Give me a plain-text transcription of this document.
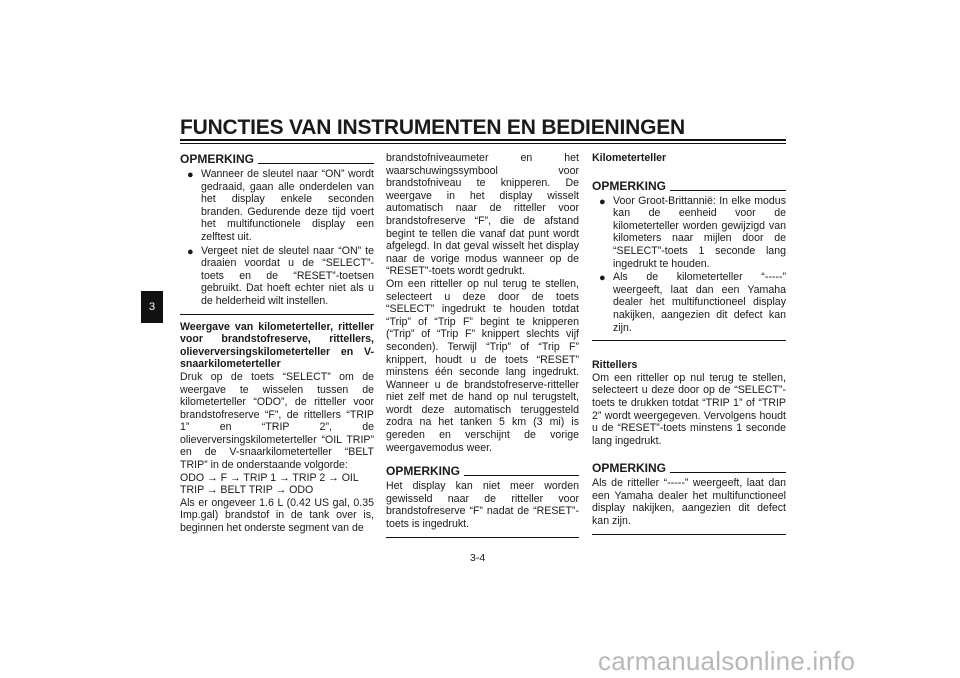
FUNCTIES VAN INSTRUMENTEN EN BEDIENINGEN
3
OPMERKING
● Wanneer de sleutel naar “ON” wordt gedraaid, gaan alle onderdelen van het display enkele seconden branden. Gedurende deze tijd voert het multifunctionele display een zelftest uit.
● Vergeet niet de sleutel naar “ON” te draaien voordat u de “SELECT”-toets en de “RESET”-toetsen gebruikt. Dat hoeft echter niet als u de helderheid wilt instellen.

Weergave van kilometerteller, ritteller voor brandstofreserve, rittellers, olieverversingskilometerteller en V-snaarkilometerteller

Druk op de toets “SELECT” om de weergave te wisselen tussen de kilometerteller “ODO”, de ritteller voor brandstofreserve “F”, de rittellers “TRIP 1” en “TRIP 2”, de olieverversingskilometerteller “OIL TRIP” en de V-snaarkilometerteller “BELT TRIP” in de onderstaande volgorde:

ODO → F → TRIP 1 → TRIP 2 → OIL TRIP → BELT TRIP → ODO

Als er ongeveer 1.6 L (0.42 US gal, 0.35 Imp.gal) brandstof in de tank over is, beginnen het onderste segment van de

brandstofniveaumeter en het waarschuwingssymbool voor brandstofniveau te knipperen. De weergave in het display wisselt automatisch naar de ritteller voor brandstofreserve “F”, die de afstand begint te tellen die vanaf dat punt wordt afgelegd. In dat geval wisselt het display naar de vorige modus wanneer op de “RESET”-toets wordt gedrukt.

Om een ritteller op nul terug te stellen, selecteert u deze door de toets “SELECT” ingedrukt te houden totdat “Trip” of “Trip F” begint te knipperen (“Trip” of “Trip F” knippert slechts vijf seconden). Terwijl “Trip” of “Trip F” knippert, houdt u de toets “RESET” minstens één seconde lang ingedrukt. Wanneer u de brandstofreserve-ritteller niet zelf met de hand op nul terugstelt, wordt deze automatisch teruggesteld zodra na het tanken 5 km (3 mi) is gereden en verschijnt de vorige weergavemodus weer.

OPMERKING

Het display kan niet meer worden gewisseld naar de ritteller voor brandstofreserve “F” nadat de “RESET”-toets is ingedrukt.

Kilometerteller

OPMERKING
● Voor Groot-Brittannië: In elke modus kan de eenheid voor de kilometerteller worden gewijzigd van kilometers naar mijlen door de “SELECT”-toets 1 seconde lang ingedrukt te houden.
● Als de kilometerteller “-----” weergeeft, laat dan een Yamaha dealer het multifunctioneel display nakijken, aangezien dit defect kan zijn.

Rittellers

Om een ritteller op nul terug te stellen, selecteert u deze door op de “SELECT”-toets te drukken totdat “TRIP 1” of “TRIP 2” wordt weergegeven. Vervolgens houdt u de “RESET”-toets minstens 1 seconde lang ingedrukt.

OPMERKING

Als de ritteller “-----” weergeeft, laat dan een Yamaha dealer het multifunctioneel display nakijken, aangezien dit defect kan zijn.

3-4
carmanualsonline.info
